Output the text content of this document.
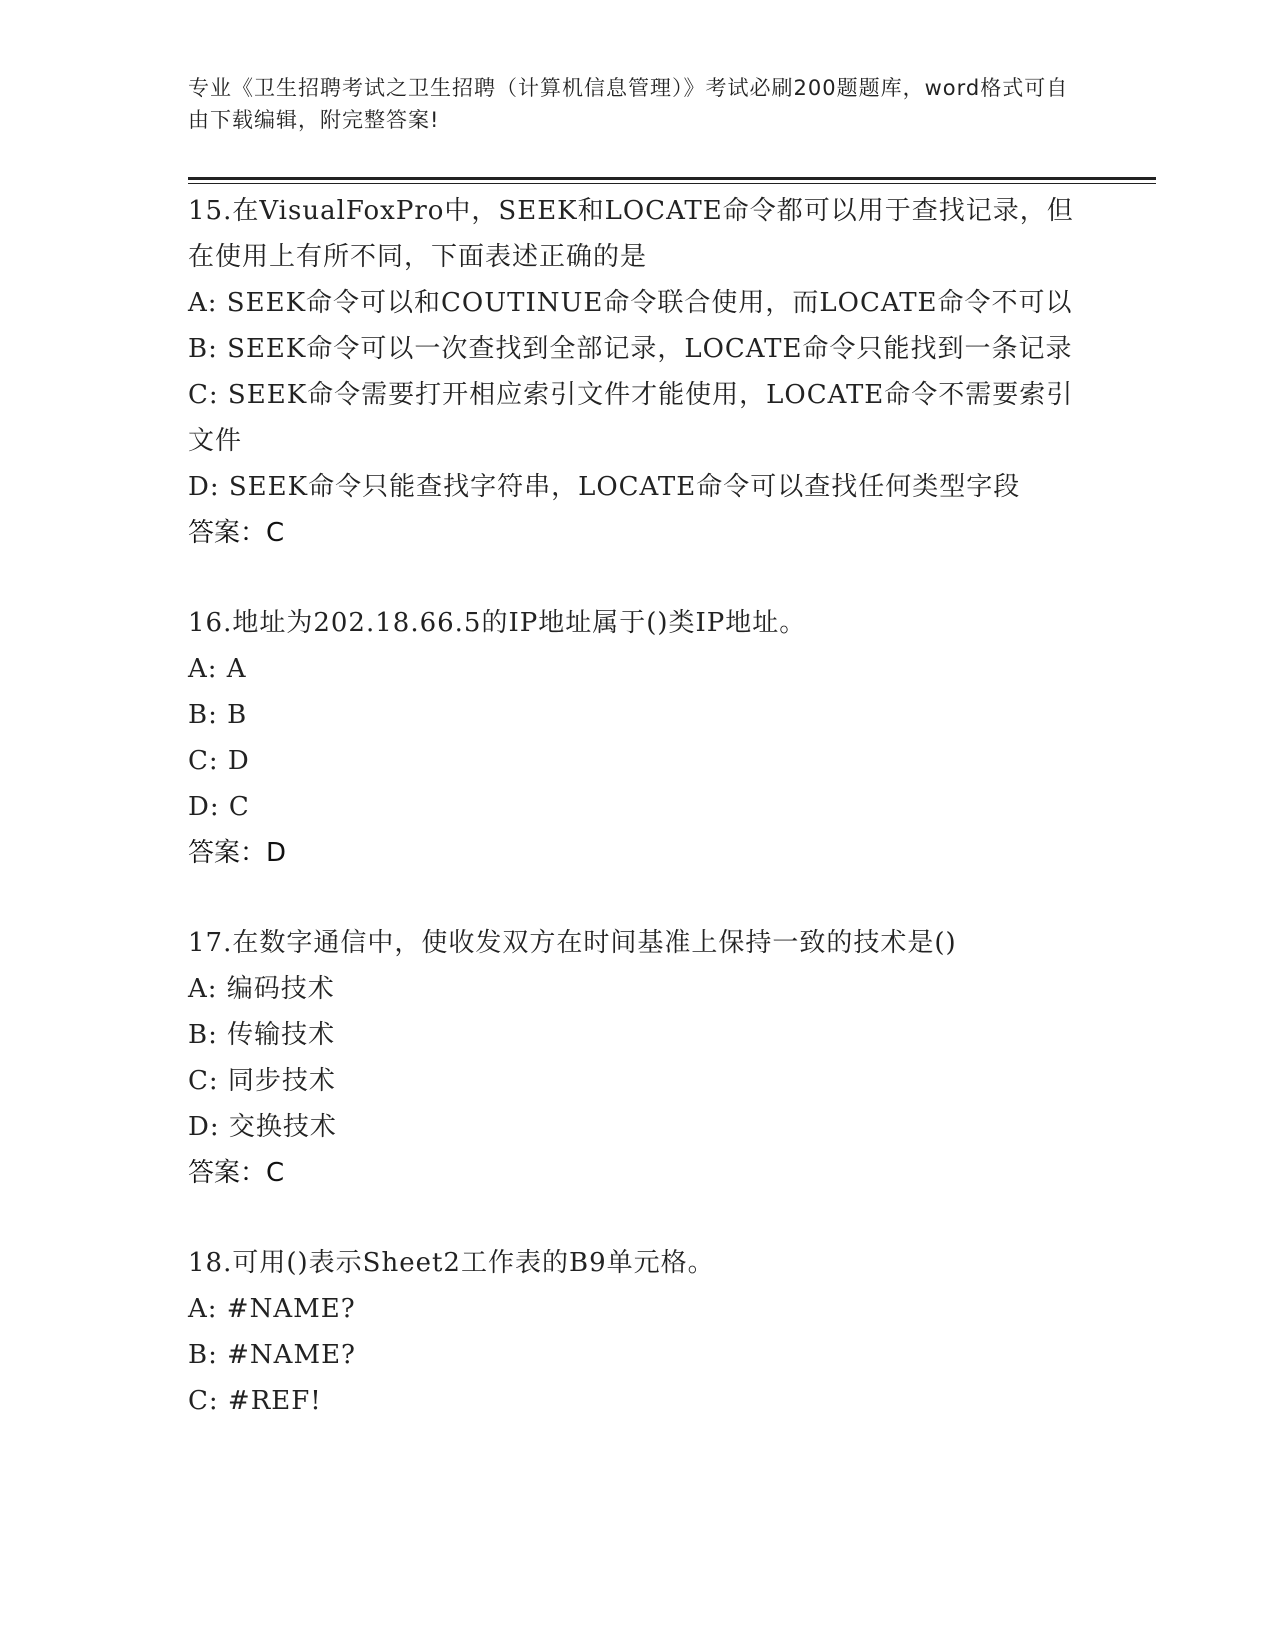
专业《卫生招聘考试之卫生招聘（计算机信息管理）》考试必刷200题题库，word格式可自由下载编辑，附完整答案!

15.在VisualFoxPro中，SEEK和LOCATE命令都可以用于查找记录，但在使用上有所不同，下面表述正确的是

A: SEEK命令可以和COUTINUE命令联合使用，而LOCATE命令不可以

B: SEEK命令可以一次查找到全部记录，LOCATE命令只能找到一条记录

C: SEEK命令需要打开相应索引文件才能使用，LOCATE命令不需要索引文件

D: SEEK命令只能查找字符串，LOCATE命令可以查找任何类型字段

答案：C

16.地址为202.18.66.5的IP地址属于()类IP地址。

A: A

B: B

C: D

D: C

答案：D

17.在数字通信中，使收发双方在时间基准上保持一致的技术是()

A: 编码技术

B: 传输技术

C: 同步技术

D: 交换技术

答案：C

18.可用()表示Sheet2工作表的B9单元格。

A: #NAME?

B: #NAME?

C: #REF!
